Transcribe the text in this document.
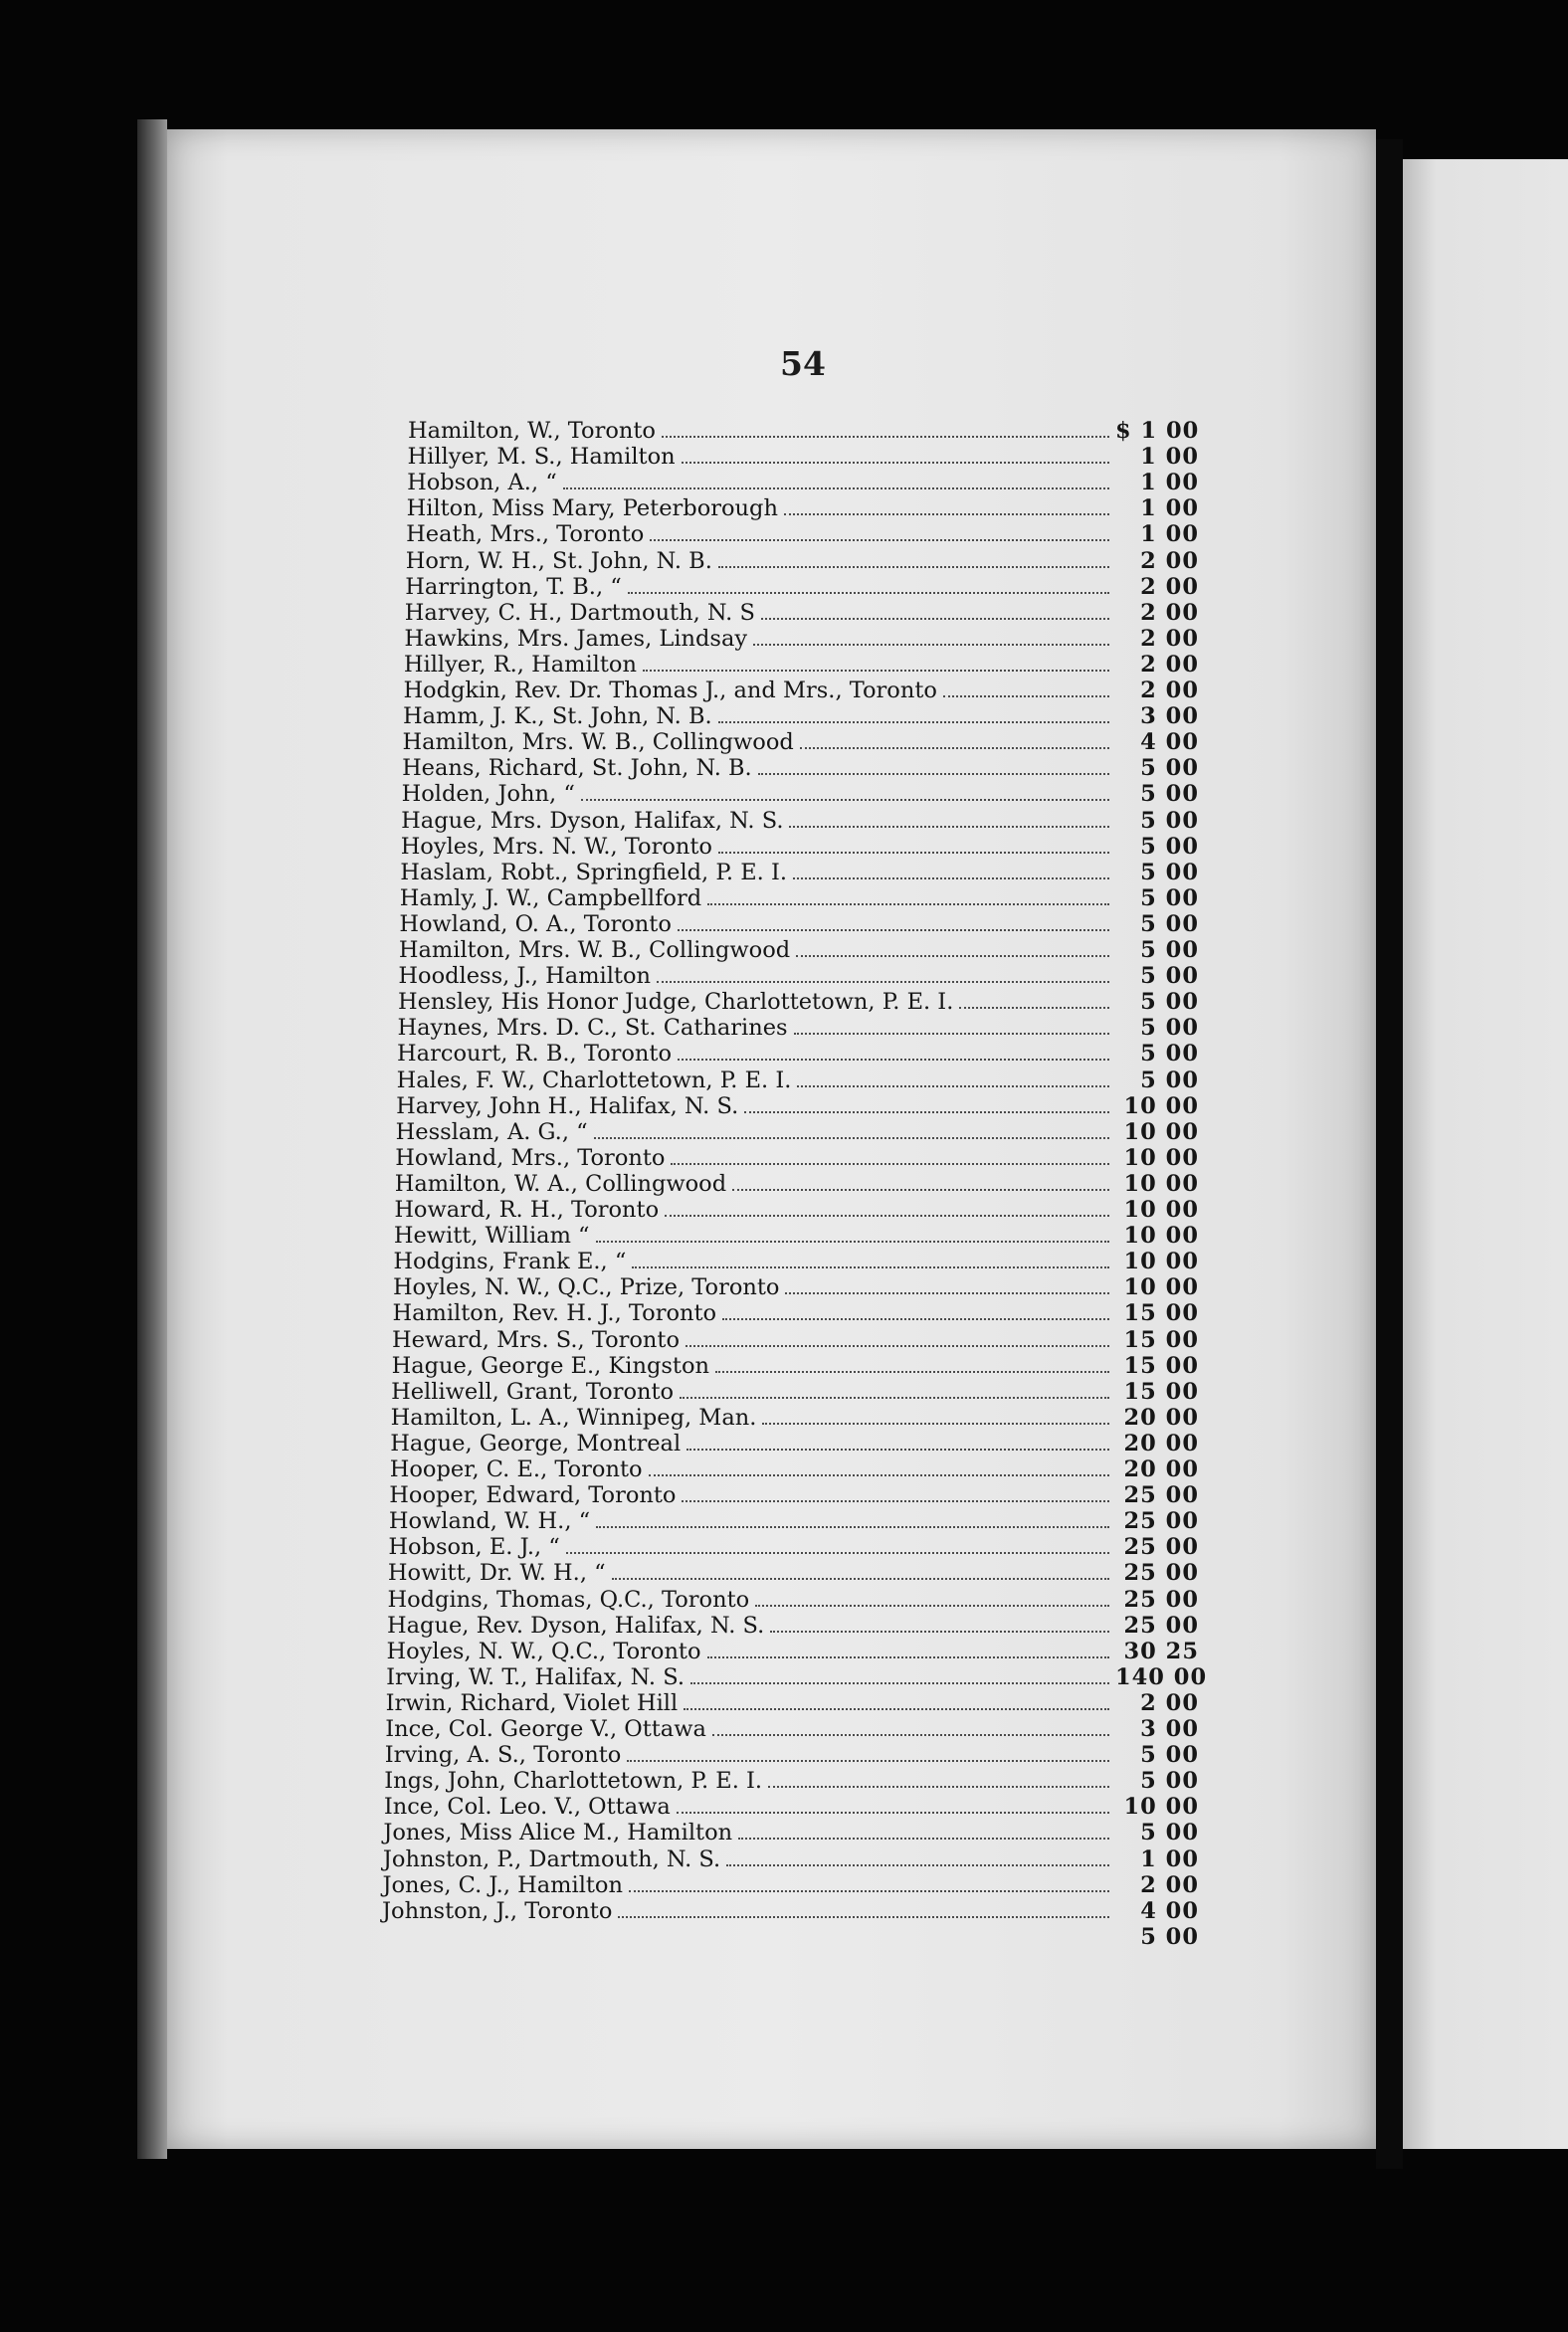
54
Hamilton, W., Toronto	$ 1 00
Hillyer, M. S., Hamilton	1 00
Hobson, A., “	1 00
Hilton, Miss Mary, Peterborough	1 00
Heath, Mrs., Toronto	1 00
Horn, W. H., St. John, N. B.	2 00
Harrington, T. B., “	2 00
Harvey, C. H., Dartmouth, N. S	2 00
Hawkins, Mrs. James, Lindsay	2 00
Hillyer, R., Hamilton	2 00
Hodgkin, Rev. Dr. Thomas J., and Mrs., Toronto	2 00
Hamm, J. K., St. John, N. B.	3 00
Hamilton, Mrs. W. B., Collingwood	4 00
Heans, Richard, St. John, N. B.	5 00
Holden, John, “	5 00
Hague, Mrs. Dyson, Halifax, N. S.	5 00
Hoyles, Mrs. N. W., Toronto	5 00
Haslam, Robt., Springfield, P. E. I.	5 00
Hamly, J. W., Campbellford	5 00
Howland, O. A., Toronto	5 00
Hamilton, Mrs. W. B., Collingwood	5 00
Hoodless, J., Hamilton	5 00
Hensley, His Honor Judge, Charlottetown, P. E. I.	5 00
Haynes, Mrs. D. C., St. Catharines	5 00
Harcourt, R. B., Toronto	5 00
Hales, F. W., Charlottetown, P. E. I.	5 00
Harvey, John H., Halifax, N. S.	10 00
Hesslam, A. G., “	10 00
Howland, Mrs., Toronto	10 00
Hamilton, W. A., Collingwood	10 00
Howard, R. H., Toronto	10 00
Hewitt, William “	10 00
Hodgins, Frank E., “	10 00
Hoyles, N. W., Q.C., Prize, Toronto	10 00
Hamilton, Rev. H. J., Toronto	15 00
Heward, Mrs. S., Toronto	15 00
Hague, George E., Kingston	15 00
Helliwell, Grant, Toronto	15 00
Hamilton, L. A., Winnipeg, Man.	20 00
Hague, George, Montreal	20 00
Hooper, C. E., Toronto	20 00
Hooper, Edward, Toronto	25 00
Howland, W. H., “	25 00
Hobson, E. J., “	25 00
Howitt, Dr. W. H., “	25 00
Hodgins, Thomas, Q.C., Toronto	25 00
Hague, Rev. Dyson, Halifax, N. S.	25 00
Hoyles, N. W., Q.C., Toronto	30 25
Irving, W. T., Halifax, N. S.	140 00
Irwin, Richard, Violet Hill	2 00
Ince, Col. George V., Ottawa	3 00
Irving, A. S., Toronto	5 00
Ings, John, Charlottetown, P. E. I.	5 00
Ince, Col. Leo. V., Ottawa	10 00
Jones, Miss Alice M., Hamilton	5 00
Johnston, P., Dartmouth, N. S.	1 00
Jones, C. J., Hamilton	2 00
Johnston, J., Toronto	4 00
5 00
